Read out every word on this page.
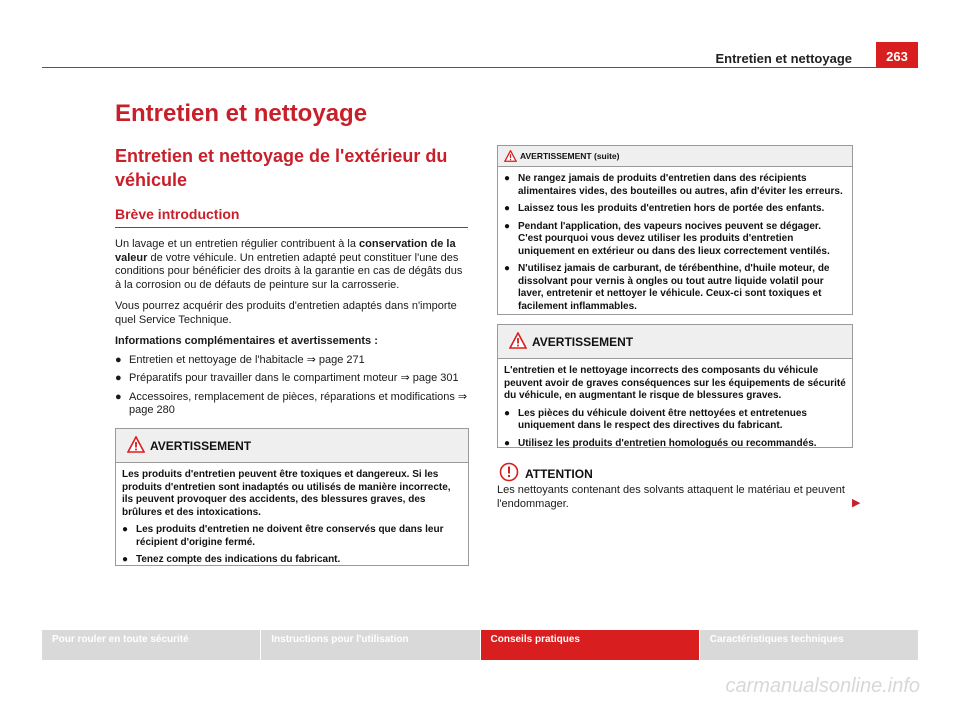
Entretien et nettoyage	263
Entretien et nettoyage
Entretien et nettoyage de l'extérieur du véhicule
Brève introduction

Un lavage et un entretien régulier contribuent à la conservation de la valeur de votre véhicule. Un entretien adapté peut constituer l'une des conditions pour bénéficier des droits à la garantie en cas de dégâts dus à la corrosion ou de défauts de peinture sur la carrosserie.

Vous pourrez acquérir des produits d'entretien adaptés dans n'importe quel Service Technique.

Informations complémentaires et avertissements :

● Entretien et nettoyage de l'habitacle ⇒ page 271
● Préparatifs pour travailler dans le compartiment moteur ⇒ page 301
● Accessoires, remplacement de pièces, réparations et modifications ⇒ page 280
AVERTISSEMENT

Les produits d'entretien peuvent être toxiques et dangereux. Si les produits d'entretien sont inadaptés ou utilisés de manière incorrecte, ils peuvent provoquer des accidents, des blessures graves, des brûlures et des intoxications.

● Les produits d'entretien ne doivent être conservés que dans leur récipient d'origine fermé.
● Tenez compte des indications du fabricant.
AVERTISSEMENT (suite)
● Ne rangez jamais de produits d'entretien dans des récipients alimentaires vides, des bouteilles ou autres, afin d'éviter les erreurs.
● Laissez tous les produits d'entretien hors de portée des enfants.
● Pendant l'application, des vapeurs nocives peuvent se dégager. C'est pourquoi vous devez utiliser les produits d'entretien uniquement en extérieur ou dans des lieux correctement ventilés.
● N'utilisez jamais de carburant, de térébenthine, d'huile moteur, de dissolvant pour vernis à ongles ou tout autre liquide volatil pour laver, entretenir et nettoyer le véhicule. Ceux-ci sont toxiques et facilement inflammables.
AVERTISSEMENT

L'entretien et le nettoyage incorrects des composants du véhicule peuvent avoir de graves conséquences sur les équipements de sécurité du véhicule, en augmentant le risque de blessures graves.

● Les pièces du véhicule doivent être nettoyées et entretenues uniquement dans le respect des directives du fabricant.
● Utilisez les produits d'entretien homologués ou recommandés.
ATTENTION
Les nettoyants contenant des solvants attaquent le matériau et peuvent l'endommager.	▶
Pour rouler en toute sécurité	Instructions pour l'utilisation	Conseils pratiques	Caractéristiques techniques
carmanualsonline.info
